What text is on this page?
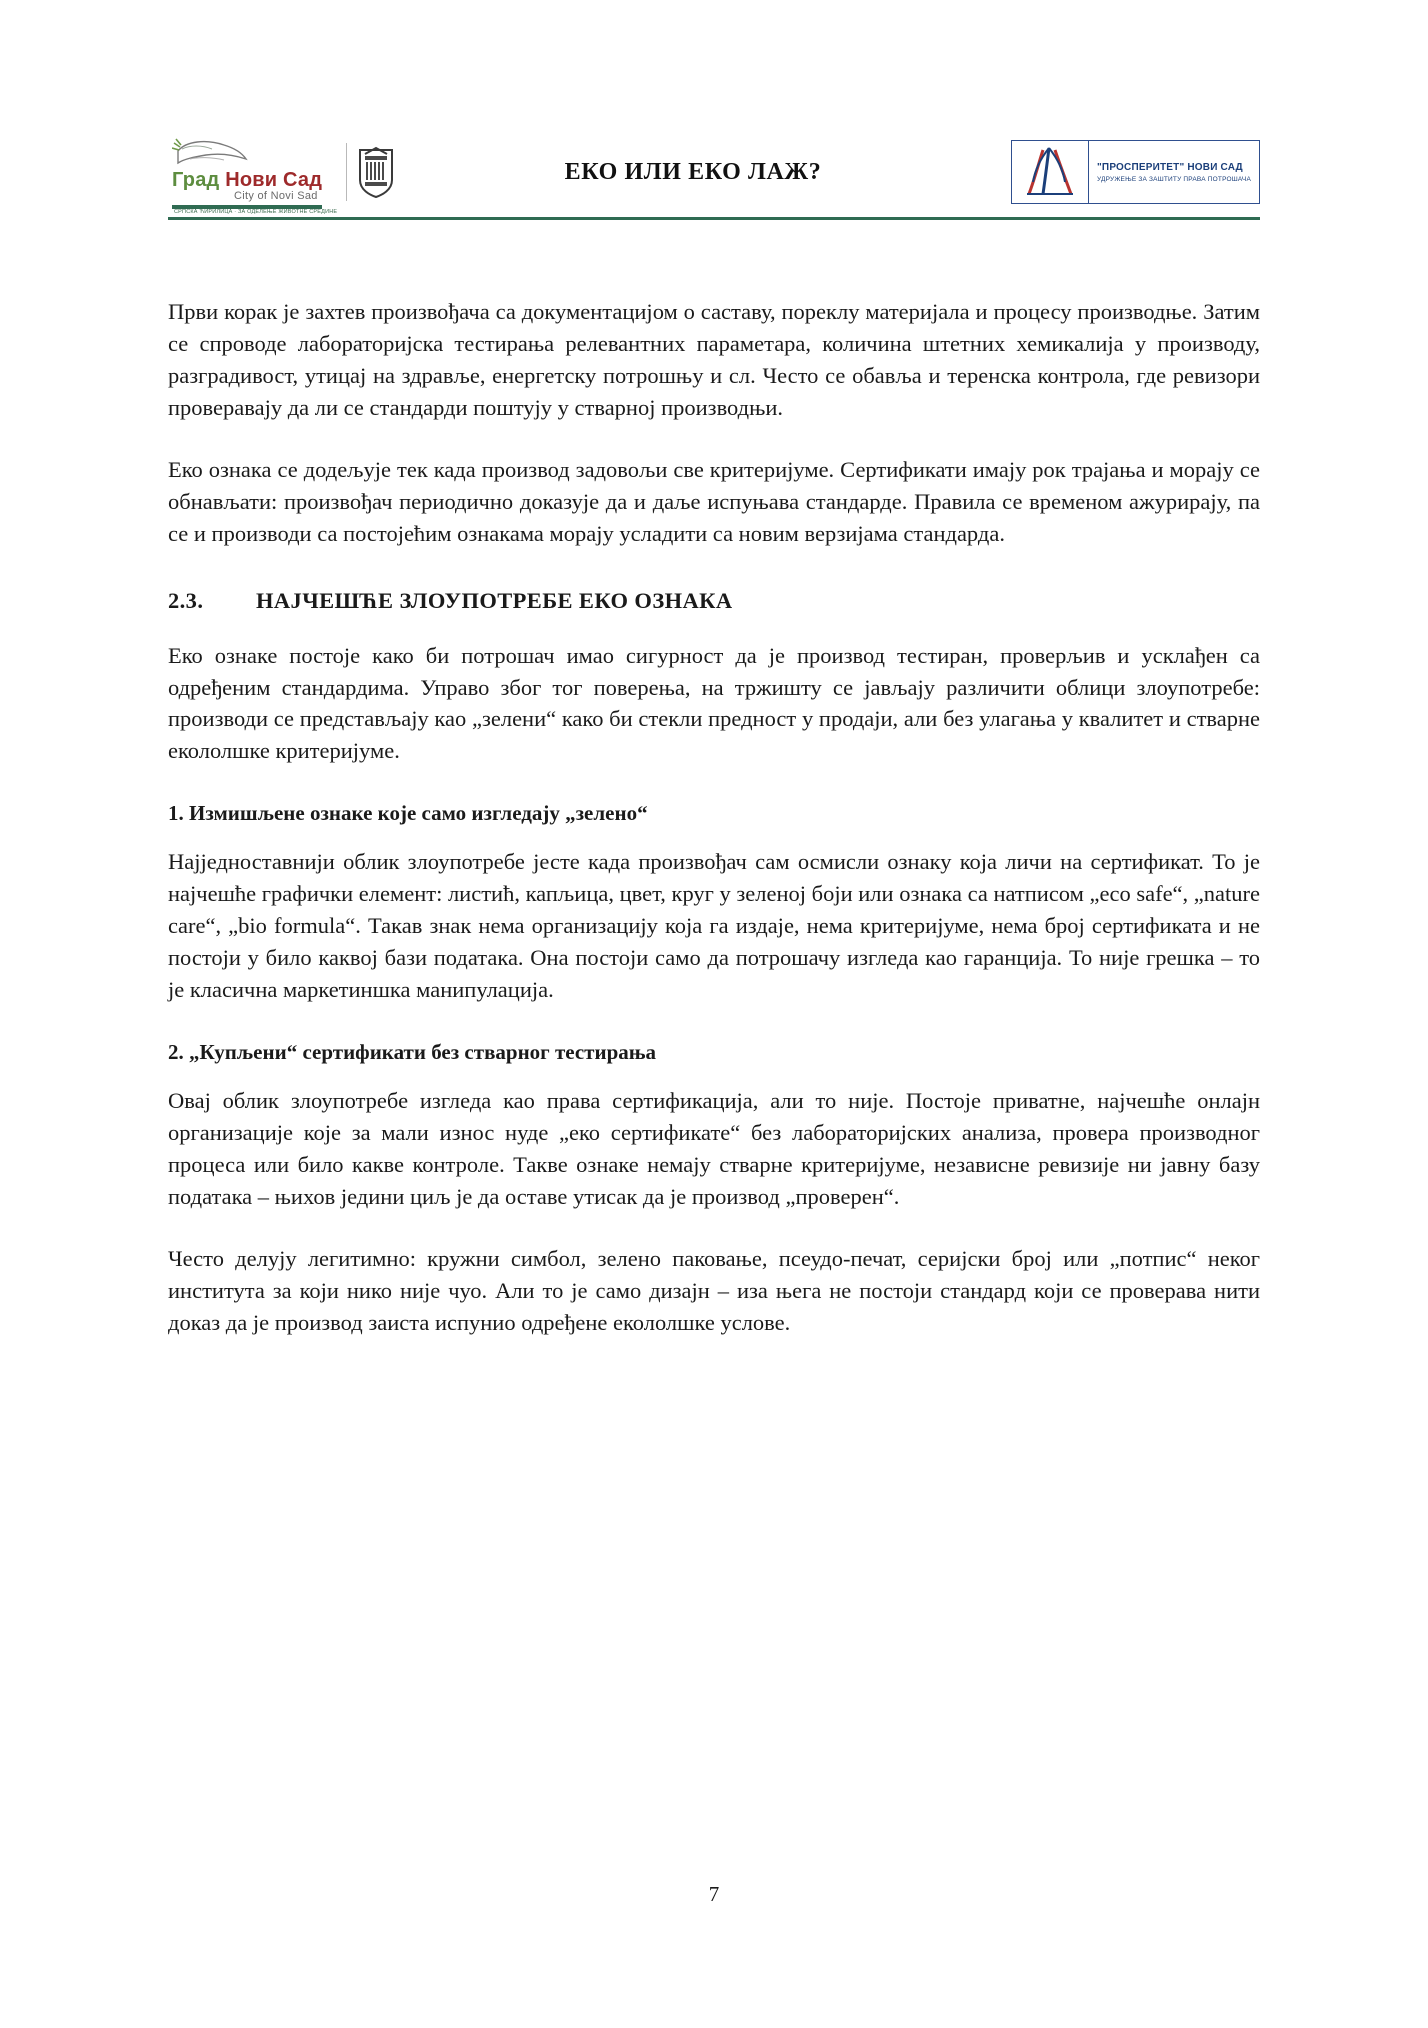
Град Нови Сад
City of Novi Sad
СРПСКА ЋИРИЛИЦА · ЗА ОДЕЛЕЊЕ ЖИВОТНЕ СРЕДИНЕ
ЕКО ИЛИ ЕКО ЛАЖ?	"ПРОСПЕРИТЕТ" НОВИ САД
УДРУЖЕЊЕ ЗА ЗАШТИТУ ПРАВА ПОТРОШАЧА

Први корак је захтев произвођача са документацијом о саставу, пореклу материјала и процесу производње. Затим се спроводе лабораторијска тестирања релевантних параметара, количина штетних хемикалија у производу, разградивост, утицај на здравље, енергетску потрошњу и сл. Често се обавља и теренска контрола, где ревизори проверавају да ли се стандарди поштују у стварној производњи.

Еко ознака се додељује тек када производ задовољи све критеријуме. Сертификати имају рок трајања и морају се обнављати: произвођач периодично доказује да и даље испуњава стандарде. Правила се временом ажурирају, па се и производи са постојећим ознакама морају усладити са новим верзијама стандарда.

2.3.	НАЈЧЕШЋЕ ЗЛОУПОТРЕБЕ ЕКО ОЗНАКА

Еко ознаке постоје како би потрошач имао сигурност да је производ тестиран, проверљив и усклађен са одређеним стандардима. Управо због тог поверења, на тржишту се јављају различити облици злоупотребе: производи се представљају као „зелени“ како би стекли предност у продаји, али без улагања у квалитет и стварне екололшке критеријуме.

1. Измишљене ознаке које само изгледају „зелено“

Најједноставнији облик злоупотребе јесте када произвођач сам осмисли ознаку која личи на сертификат. То је најчешће графички елемент: листић, капљица, цвет, круг у зеленој боји или ознака са натписом „eco safe“, „nature care“, „bio formula“. Такав знак нема организацију која га издаје, нема критеријуме, нема број сертификата и не постоји у било каквој бази података. Она постоји само да потрошачу изгледа као гаранција. То није грешка – то је класична маркетиншка манипулација.

2. „Купљени“ сертификати без стварног тестирања

Овај облик злоупотребе изгледа као права сертификација, али то није. Постоје приватне, најчешће онлајн организације које за мали износ нуде „еко сертификате“ без лабораторијских анализа, провера производног процеса или било какве контроле. Такве ознаке немају стварне критеријуме, независне ревизије ни јавну базу података – њихов једини циљ је да оставе утисак да је производ „проверен“.

Често делују легитимно: кружни симбол, зелено паковање, псеудо-печат, серијски број или „потпис“ неког института за који нико није чуо. Али то је само дизајн – иза њега не постоји стандард који се проверава нити доказ да је производ заиста испунио одређене екололшке услове.

7
